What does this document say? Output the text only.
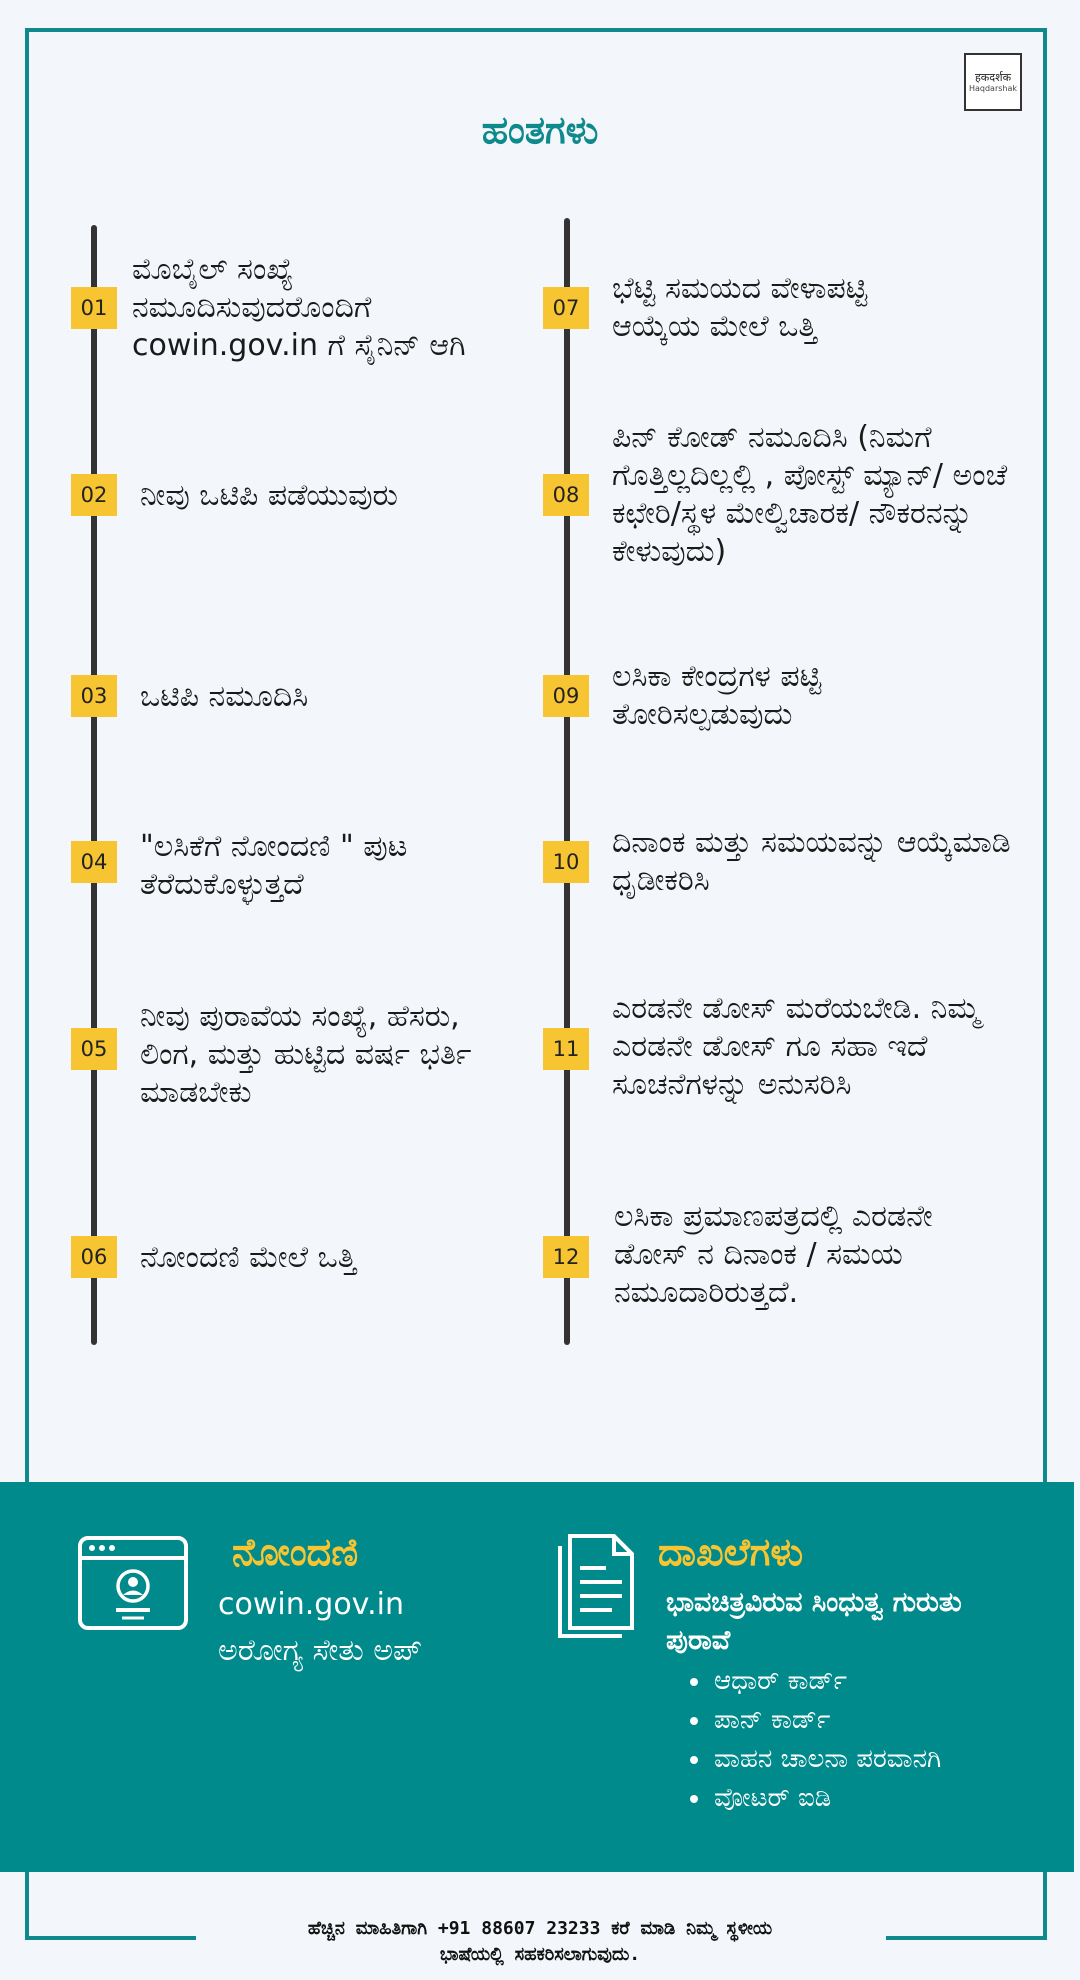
हकदर्शक
Haqdarshak
ಹಂತಗಳು
01
ಮೊಬೈಲ್ ಸಂಖ್ಯೆ ನಮೂದಿಸುವುದರೊಂದಿಗೆ cowin.gov.in ಗೆ ಸೈನಿನ್ ಆಗಿ
02	ನೀವು ಒಟಿಪಿ ಪಡೆಯುವುರು
03	ಒಟಿಪಿ ನಮೂದಿಸಿ
04	"ಲಸಿಕೆಗೆ ನೋಂದಣಿ " ಪುಟ ತೆರೆದುಕೊಳ್ಳುತ್ತದೆ
05
ನೀವು ಪುರಾವೆಯ ಸಂಖ್ಯೆ, ಹೆಸರು, ಲಿಂಗ, ಮತ್ತು ಹುಟ್ಟಿದ ವರ್ಷ ಭರ್ತಿ ಮಾಡಬೇಕು
06	ನೋಂದಣಿ ಮೇಲೆ ಒತ್ತಿ
07
ಭೆಟ್ಟಿ ಸಮಯದ ವೇಳಾಪಟ್ಟಿ ಆಯ್ಕೆಯ ಮೇಲೆ ಒತ್ತಿ
08
ಪಿನ್ ಕೋಡ್ ನಮೂದಿಸಿ (ನಿಮಗೆ ಗೊತ್ತಿಲ್ಲದಿಲ್ಲಲ್ಲಿ , ಪೋಸ್ಟ್ ಮ್ಯಾನ್/ ಅಂಚೆ ಕಛೇರಿ/ಸ್ಥಳ ಮೇಲ್ವಿಚಾರಕ/ ನೌಕರನನ್ನು ಕೇಳುವುದು)
09
ಲಸಿಕಾ ಕೇಂದ್ರಗಳ ಪಟ್ಟಿ ತೋರಿಸಲ್ಪಡುವುದು
10
ದಿನಾಂಕ ಮತ್ತು ಸಮಯವನ್ನು ಆಯ್ಕೆಮಾಡಿ ಧೃಡೀಕರಿಸಿ
11
ಎರಡನೇ ಡೋಸ್ ಮರೆಯಬೇಡಿ. ನಿಮ್ಮ ಎರಡನೇ ಡೋಸ್ ಗೂ ಸಹಾ ಇದೆ ಸೂಚನೆಗಳನ್ನು ಅನುಸರಿಸಿ
12
ಲಸಿಕಾ ಪ್ರಮಾಣಪತ್ರದಲ್ಲಿ ಎರಡನೇ ಡೋಸ್ ನ ದಿನಾಂಕ / ಸಮಯ ನಮೂದಾರಿರುತ್ತದೆ.
ನೋಂದಣಿ
cowin.gov.in
ಅರೋಗ್ಯ ಸೇತು ಅಪ್
ದಾಖಲೆಗಳು
ಭಾವಚಿತ್ರವಿರುವ ಸಿಂಧುತ್ವ ಗುರುತು ಪುರಾವೆ
ಆಧಾರ್ ಕಾರ್ಡ್
ಪಾನ್ ಕಾರ್ಡ್
ವಾಹನ ಚಾಲನಾ ಪರವಾನಗಿ
ವೋಟರ್ ಐಡಿ
ಹೆಚ್ಚಿನ ಮಾಹಿತಿಗಾಗಿ +91 88607 23233 ಕರೆ ಮಾಡಿ ನಿಮ್ಮ ಸ್ಥಳೀಯ
ಭಾಷೆಯಲ್ಲಿ ಸಹಕರಿಸಲಾಗುವುದು.
